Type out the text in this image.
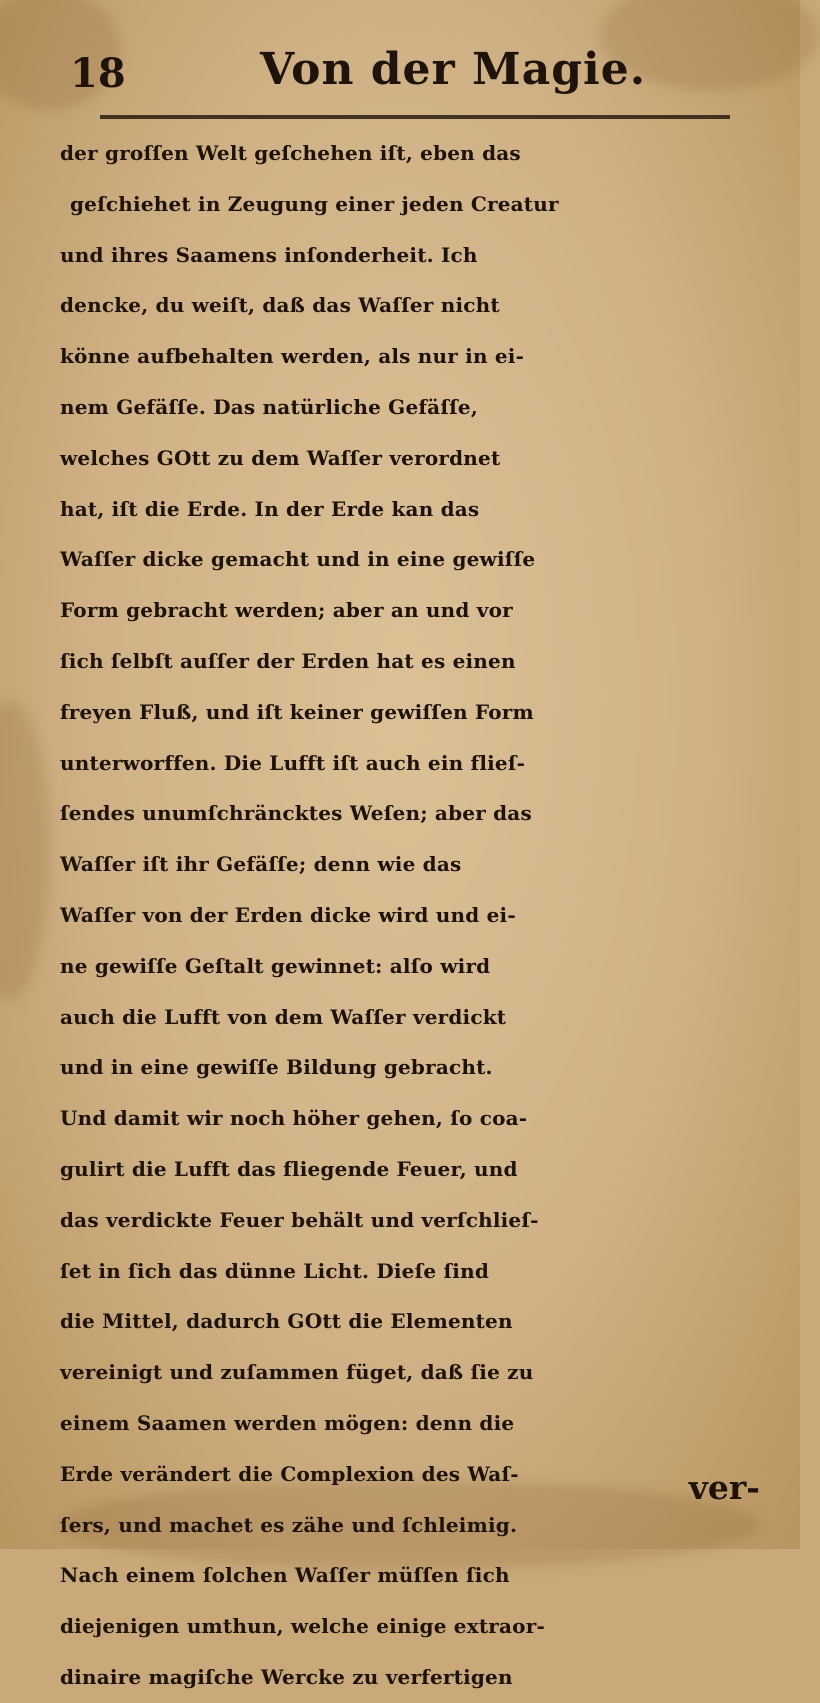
18	Von der Magie.
der groſſen Welt geſchehen iſt, eben das
geſchiehet in Zeugung einer jeden Creatur
und ihres Saamens inſonderheit. Ich
dencke, du weiſt, daß das Waſſer nicht
könne aufbehalten werden, als nur in ei-
nem Gefäſſe. Das natürliche Gefäſſe,
welches GOtt zu dem Waſſer verordnet
hat, iſt die Erde. In der Erde kan das
Waſſer dicke gemacht und in eine gewiſſe
Form gebracht werden; aber an und vor
ſich ſelbſt auſſer der Erden hat es einen
freyen Fluß, und iſt keiner gewiſſen Form
unterworffen. Die Lufft iſt auch ein flieſ-
ſendes unumſchräncktes Weſen; aber das
Waſſer iſt ihr Gefäſſe; denn wie das
Waſſer von der Erden dicke wird und ei-
ne gewiſſe Geſtalt gewinnet: alſo wird
auch die Lufft von dem Waſſer verdickt
und in eine gewiſſe Bildung gebracht.
Und damit wir noch höher gehen, ſo coa-
gulirt die Lufft das fliegende Feuer, und
das verdickte Feuer behält und verſchlieſ-
ſet in ſich das dünne Licht. Dieſe ſind
die Mittel, dadurch GOtt die Elementen
vereinigt und zuſammen füget, daß ſie zu
einem Saamen werden mögen: denn die
Erde verändert die Complexion des Waſ-
ſers, und machet es zähe und ſchleimig.
Nach einem ſolchen Waſſer müſſen ſich
diejenigen umthun, welche einige extraor-
dinaire magiſche Wercke zu verfertigen
ver-
